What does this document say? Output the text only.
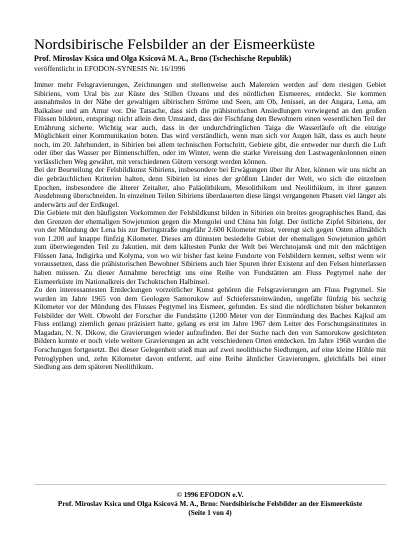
Nordsibirische Felsbilder an der Eismeerküste
Prof. Miroslav Ksica und Olga Ksicová M. A., Brno (Tschechische Republik)
veröffentlicht in EFODON-SYNESIS Nr. 16/1996

Immer mehr Felsgravierungen, Zeichnungen und stellenweise auch Malereien werden auf dem riesigen Gebiet Sibiriens, vom Ural bis zur Küste des Stillen Ozeans und des nördlichen Eismeeres, entdeckt. Sie kommen ausnahmslos in der Nähe der gewaltigen sibirischen Ströme und Seen, am Ob, Jenissei, an der Angara, Lena, am Baikalsee und am Amur vor. Die Tatsache, dass sich die prähistorischen Ansiedlungen vorwiegend an den großen Flüssen bildeten, entspringt nicht allein dem Umstand, dass der Fischfang den Bewohnern einen wesentlichen Teil der Ernährung sicherte. Wichtig war auch, dass in der undurchdringlichen Taiga die Wasserläufe oft die einzige Möglichkeit einer Kommunikation boten. Das wird verständlich, wenn man sich vor Augen hält, dass es auch heute noch, im 20. Jahrhundert, in Sibirien bei allem technischen Fortschritt, Gebiete gibt, die entweder nur durch die Luft oder über das Wasser per Binnenschiffen, oder im Winter, wenn die starke Vereisung den Lastwagenkolonnen einen verlässlichen Weg gewährt, mit verschiedenen Gütern versorgt werden können.

Bei der Beurteilung der Felsbildkunst Sibiriens, insbesondere bei Erwägungen über ihr Alter, können wir uns nicht an die gebräuchlichen Kriterien halten, denn Sibirien ist eines der größten Länder der Welt, wo sich die einzelnen Epochen, insbesondere die älterer Zeitalter, also Paläolithikum, Mesolithikum und Neolithikum, in ihrer ganzen Ausdehnung überschneiden. In einzelnen Teilen Sibiriens überdauerten diese längst vergangenen Phasen viel länger als anderwärts auf der Erdkugel.

Die Gebiete mit den häufigsten Vorkommen der Felsbildkunst bilden in Sibirien ein breites geographisches Band, das den Grenzen der ehemaligen Sowjetunion gegen die Mongolei und China hin folgt. Der östliche Zipfel Sibiriens, der von der Mündung der Lena bis zur Beringstraße ungefähr 2.600 Kilometer misst, verengt sich gegen Osten allmählich von 1.200 auf knappe fünfzig Kilometer. Dieses am dünnsten besiedelte Gebiet der ehemaligen Sowjetunion gehört zum überwiegenden Teil zu Jakutien, mit dem kältesten Punkt der Welt bei Werchnojansk und mit den mächtigen Flüssen Jana, Indigirka und Kolyma, von wo wir bisher fast keine Fundorte von Felsbildern kennen, selbst wenn wir voraussetzen, dass die prähistorischen Bewohner Sibiriens auch hier Spuren ihrer Existenz auf den Felsen hinterlassen haben müssen. Zu dieser Annahme berechtigt uns eine Reihe von Fundstätten am Fluss Pegtymel nahe der Eismeerküste im Nationalkreis der Tschuktschen Halbinsel.

Zu den interessantesten Entdeckungen vorzeitlicher Kunst gehören die Felsgravierungen am Fluss Pegtymel. Sie wurden im Jahre 1965 von dem Geologen Samorukow auf Schieferssteinwänden, ungefähr fünfzig bis sechzig Kilometer vor der Mündung des Flusses Pegtymel ins Eismeer, gefunden. Es sind die nördlichsten bisher bekannten Felsbilder der Welt. Obwohl der Forscher die Fundstätte (1200 Meter von der Einmündung des Baches Kajkul am Fluss entlang) ziemlich genau präzisiert hatte, gelang es erst im Jahre 1967 dem Leiter des Forschungsinstitutes in Magadan, N. N. Dikow, die Gravierungen wieder aufzufinden. Bei der Suche nach den von Samorukow gesichteten Bildern konnte er noch viele weitere Gravierungen an acht verschiedenen Orten entdecken. Im Jahre 1968 wurden die Forschungen fortgesetzt. Bei dieser Gelegenheit stieß man auf zwei neolithische Siedlungen, auf eine kleine Höhle mit Petroglyphen und, zehn Kilometer davon entfernt, auf eine Reihe ähnlicher Gravierungen, gleichfalls bei einer Siedlung aus dem späteren Neolithikum.

© 1996 EFODON e.V.
Prof. Miroslav Ksica und Olga Ksicová M. A., Brno: Nordsibirische Felsbilder an der Eismeerküste
(Seite 1 von 4)
